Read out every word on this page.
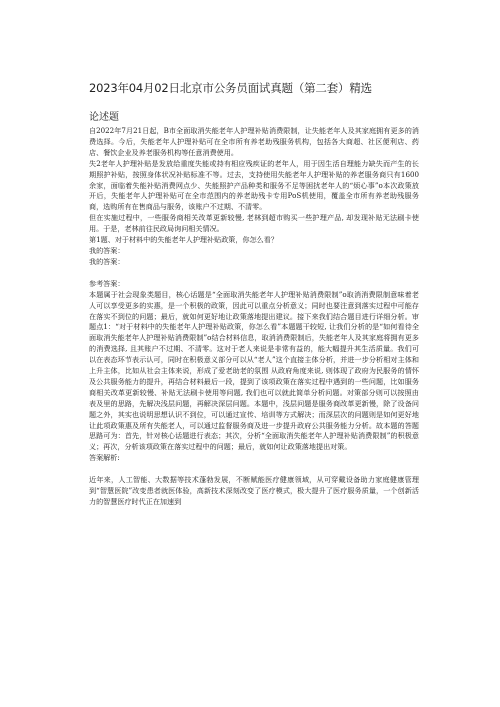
2023年04月02日北京市公务员面试真题（第二套）精选
论述题

自2022年7月21日起，B市全面取消失能老年人护理补贴消费限制，让失能老年人及其家庭拥有更多的消费选择。今后，失能老年人护理补贴可在全市所有养老助残服务机构，包括各大商超、社区便利店、药店、餐饮企业及养老服务机构等任意消费使用。

失2老年人护理补贴是发放给重度失能或持有相应残疾证的老年人，用于因生活自理能力缺失而产生的长期照护补贴，按照身体状况补贴标准不等。过去，支持使用失能老年人护理补贴的养老服务商只有1600余家，面临着失能补贴消费网点少、失能照护产品种类和服务不足等困扰老年人的“烦心事”o本次政策放开后，失能老年人护理补贴可在全市范围内的养老助残卡专用PoS机使用，覆盖全市所有养老助残服务商，选购所有在售商品与服务，该账户不过期、不清零。

但在实施过程中，一些服务商相关改革更新较慢, 老林到超市购买一些护理产品, 却发现补贴无法刷卡使用。于是，老林前往民政局询问相关情况。

第1题、对于材料中的失能老年人护理补贴政策，你怎么看？

我的答案：

我的答案：

参考答案：

本题属于社会现象类题目，核心话题是“全面取消失能老年人护理补贴消费限制”o取消消费限制意味着老人可以享受更多的实惠，是一个积极的政策，因此可以重点分析意义；同时也要注意到落实过程中可能存在落实不到位的问题；最后，就如何更好地让政策落地提出建议。接下来我们结合题目进行详细分析。审题点1：“对于材料中的失能老年人护理补贴政策，你怎么看”本题题干较短, 让我们分析的是“如何看待全面取消失能老年人护理补贴消费限制”o结合材料信息，取消消费限制后，失能老年人及其家庭将拥有更多的消费选择, 且其账户不过期、不清零。这对于老人来说是非常有益的，能大幅提升其生活质量。我们可以在表态环节表示认可，同时在积极意义部分可以从“老人”这个直接主体分析，并进一步分析相对主体和上升主体，比如从社会主体来说，形成了爱老助老的氛围 从政府角度来说, 则体现了政府为民服务的情怀及公共服务能力的提升，再结合材料最后一段，提到了该项政策在落实过程中遇到的一些问题，比如服务商相关改革更新较慢、补贴无法刷卡使用等问题, 我们也可以就此简单分析问题。对策部分则可以按照由表及里的思路，先解决浅层问题，再解决深层问题。本题中，浅层问题是服务商改革更新慢，除了设备问题之外，其实也说明思想认识不到位，可以通过宣传、培训等方式解决；而深层次的问题则是如何更好地让此项政策惠及所有失能老人，可以通过监督服务商及进一步提升政府公共服务能力分析。故本题的答题思路可为：首先，针对核心话题进行表态；其次，分析“全面取消失能老年人护理补贴消费限制”的积极意义；再次，分析该项政策在落实过程中的问题；最后，就如何让政策落地提出对策。

答案解析:

近年来，人工智能、大数据等技术蓬勃发展，不断赋能医疗健康领域，从可穿戴设备助力家庭健康管理到“智慧医院”改变患者就医体验，高新技术深刻改变了医疗模式，极大提升了医疗服务质量，一个创新活力的智慧医疗时代正在加速到
